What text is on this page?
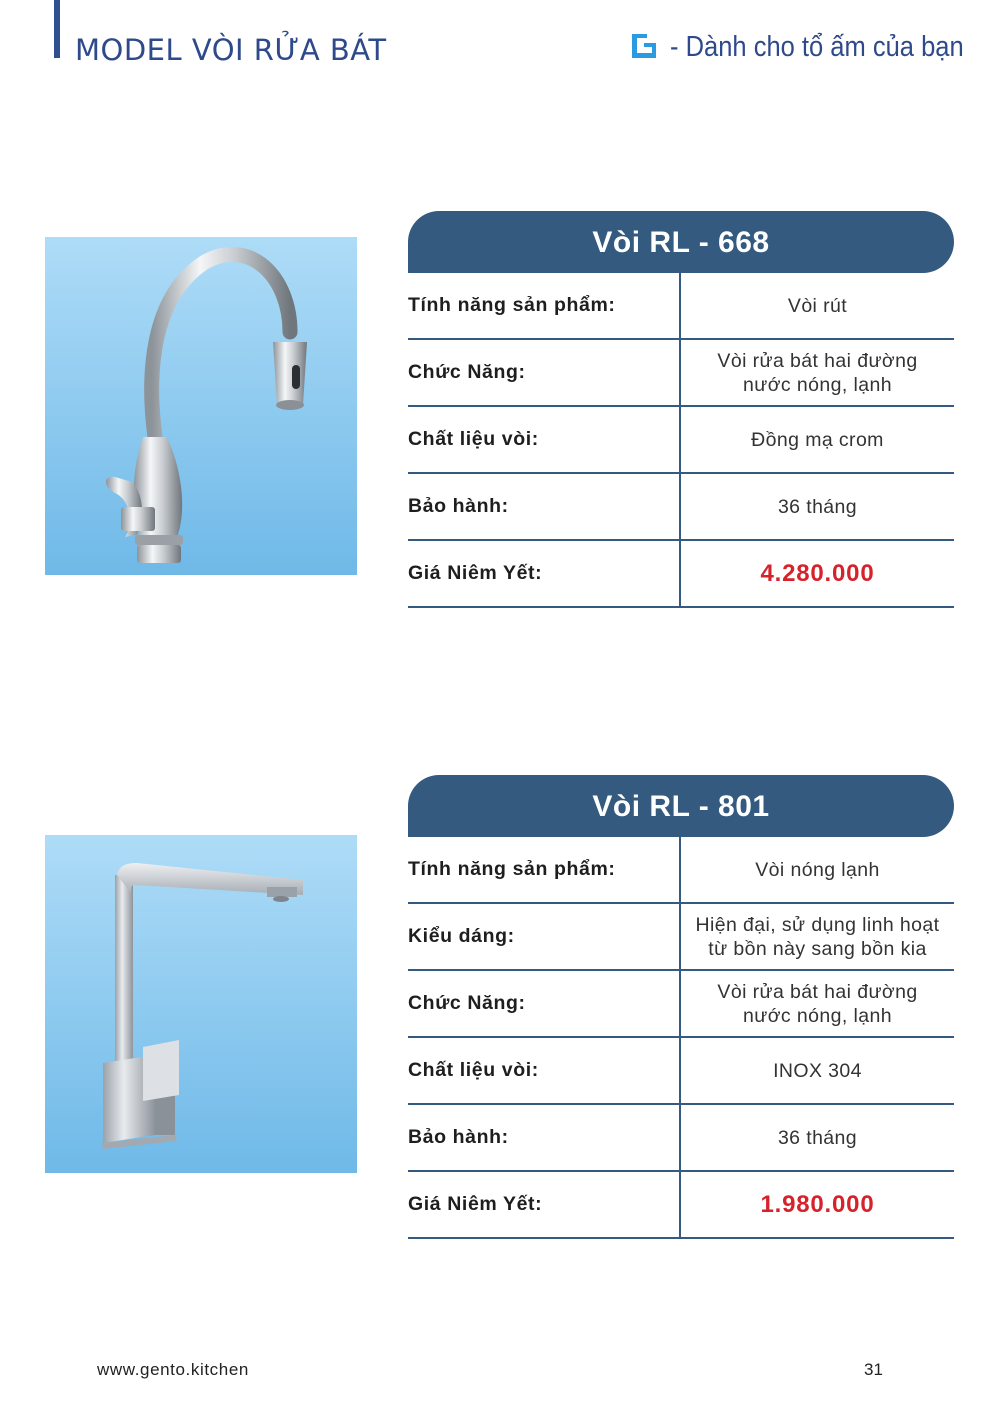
MODEL VÒI RỬA BÁT	- Dành cho tổ ấm của bạn
Vòi RL - 668
Tính năng sản phẩm:	Vòi rút
Chức Năng:
Vòi rửa bát hai đường
nước nóng, lạnh
Chất liệu vòi:	Đồng mạ crom
Bảo hành:	36 tháng
Giá Niêm Yết:	4.280.000
Vòi RL - 801
Tính năng sản phẩm:	Vòi nóng lạnh
Kiểu dáng:
Hiện đại, sử dụng linh hoạt
từ bồn này sang bồn kia
Chức Năng:
Vòi rửa bát hai đường
nước nóng, lạnh
Chất liệu vòi:	INOX 304
Bảo hành:	36 tháng
Giá Niêm Yết:	1.980.000
www.gento.kitchen	31
